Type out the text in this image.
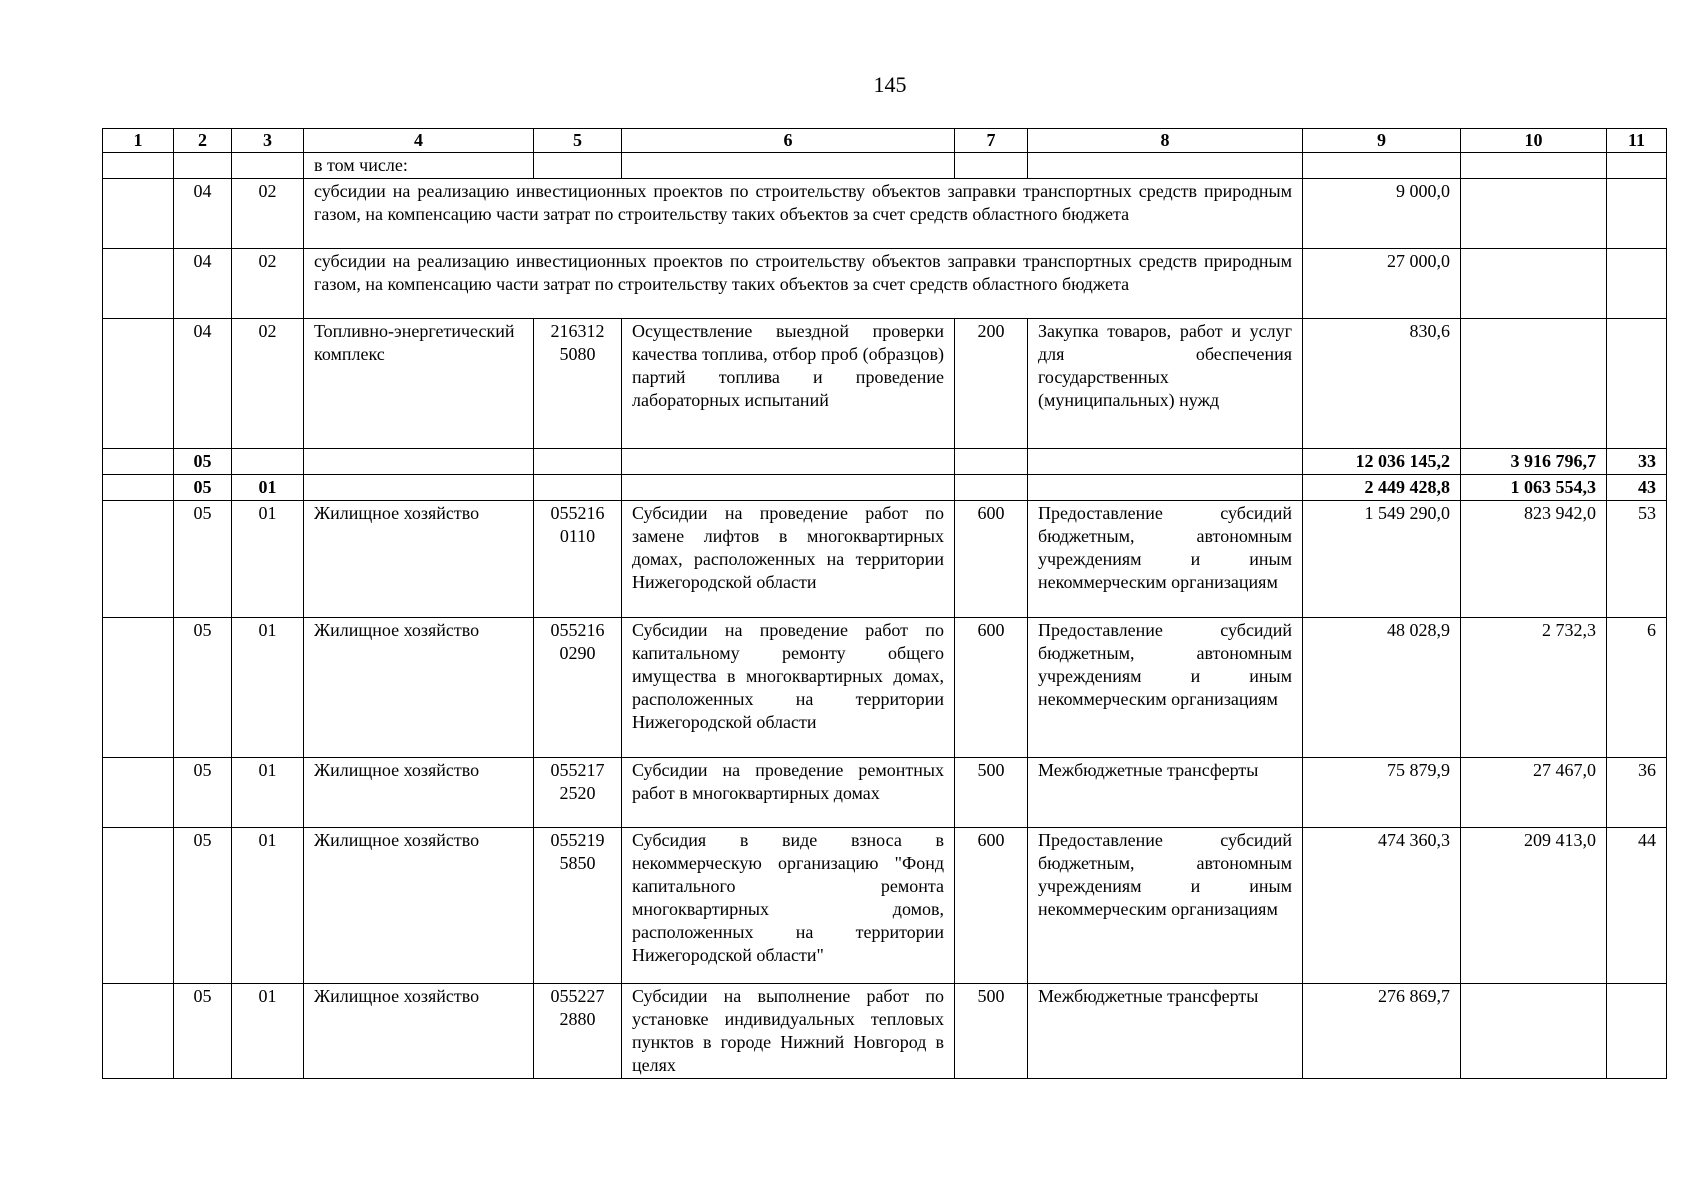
145
1	2	3	4	5	6	7	8	9	10	11
			в том числе:							
	04	02	субсидии на реализацию инвестиционных проектов по строительству объектов заправки транспортных средств природным газом, на компенсацию части затрат по строительству таких объектов за счет средств областного бюджета					9 000,0		
	04	02	субсидии на реализацию инвестиционных проектов по строительству объектов заправки транспортных средств природным газом, на компенсацию части затрат по строительству таких объектов за счет средств областного бюджета					27 000,0		
	04	02	Топливно-энергетический комплекс	216312 5080	Осуществление выездной проверки качества топлива, отбор проб (образцов) партий топлива и проведение лабораторных испытаний	200	Закупка товаров, работ и услуг для обеспечения государственных (муниципальных) нужд	830,6		
	05							12 036 145,2	3 916 796,7	33
	05	01						2 449 428,8	1 063 554,3	43
	05	01	Жилищное хозяйство	055216 0110	Субсидии на проведение работ по замене лифтов в многоквартирных домах, расположенных на территории Нижегородской области	600	Предоставление субсидий бюджетным, автономным учреждениям и иным некоммерческим организациям	1 549 290,0	823 942,0	53
	05	01	Жилищное хозяйство	055216 0290	Субсидии на проведение работ по капитальному ремонту общего имущества в многоквартирных домах, расположенных на территории Нижегородской области	600	Предоставление субсидий бюджетным, автономным учреждениям и иным некоммерческим организациям	48 028,9	2 732,3	6
	05	01	Жилищное хозяйство	055217 2520	Субсидии на проведение ремонтных работ в многоквартирных домах	500	Межбюджетные трансферты	75 879,9	27 467,0	36
	05	01	Жилищное хозяйство	055219 5850	Субсидия в виде взноса в некоммерческую организацию "Фонд капитального ремонта многоквартирных домов, расположенных на территории Нижегородской области"	600	Предоставление субсидий бюджетным, автономным учреждениям и иным некоммерческим организациям	474 360,3	209 413,0	44
	05	01	Жилищное хозяйство	055227 2880	Субсидии на выполнение работ по установке индивидуальных тепловых пунктов в городе Нижний Новгород в целях	500	Межбюджетные трансферты	276 869,7		
